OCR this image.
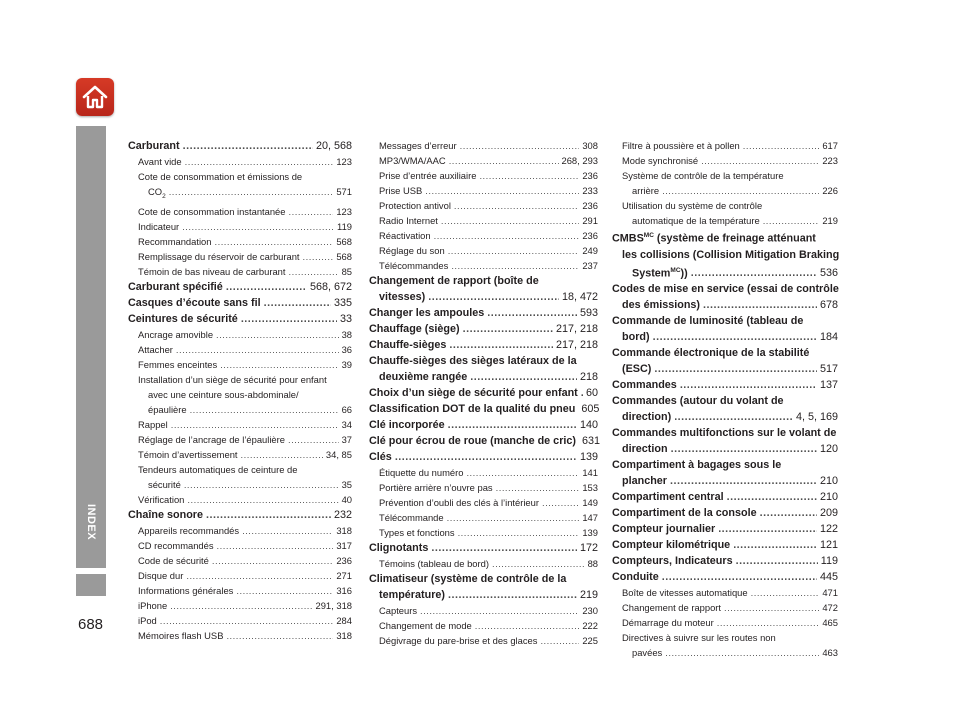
INDEX
688
Carburant .....	20, 568
Avant vide .....	123
Cote de consommation et émissions de
$CO_2$ .....	571
Cote de consommation instantanée .....	123
Indicateur .....	119
Recommandation .....	568
Remplissage du réservoir de carburant .....	568
Témoin de bas niveau de carburant .....	85
Carburant spécifié .....	568, 672
Casques d’écoute sans fil .....	335
Ceintures de sécurité .....	33
Ancrage amovible .....	38
Attacher .....	36
Femmes enceintes .....	39
Installation d’un siège de sécurité pour enfant
avec une ceinture sous-abdominale/
épaulière .....	66
Rappel .....	34
Réglage de l’ancrage de l’épaulière .....	37
Témoin d’avertissement .....	34, 85
Tendeurs automatiques de ceinture de
sécurité .....	35
Vérification .....	40
Chaîne sonore .....	232
Appareils recommandés .....	318
CD recommandés .....	317
Code de sécurité .....	236
Disque dur .....	271
Informations générales .....	316
iPhone .....	291, 318
iPod .....	284
Mémoires flash USB .....	318
Messages d’erreur .....	308
MP3/WMA/AAC .....	268, 293
Prise d’entrée auxiliaire .....	236
Prise USB .....	233
Protection antivol .....	236
Radio Internet .....	291
Réactivation .....	236
Réglage du son .....	249
Télécommandes .....	237
Changement de rapport (boîte de
vitesses) .....	18, 472
Changer les ampoules .....	593
Chauffage (siège) .....	217, 218
Chauffe-sièges .....	217, 218
Chauffe-sièges des sièges latéraux de la
deuxième rangée .....	218
Choix d’un siège de sécurité pour enfant ..... 60
Classification DOT de la qualité du pneu 605
Clé incorporée .....	140
Clé pour écrou de roue (manche de cric) 631
Clés .....	139
Étiquette du numéro .....	141
Portière arrière n’ouvre pas .....	153
Prévention d’oubli des clés à l’intérieur .....	149
Télécommande .....	147
Types et fonctions .....	139
Clignotants .....	172
Témoins (tableau de bord) .....	88
Climatiseur (système de contrôle de la
température) .....	219
Capteurs .....	230
Changement de mode .....	222
Dégivrage du pare-brise et des glaces .....	225
Filtre à poussière et à pollen .....	617
Mode synchronisé .....	223
Système de contrôle de la température
arrière .....	226
Utilisation du système de contrôle
automatique de la température .....	219
$CMBS^{MC}$ (système de freinage atténuant
les collisions (Collision Mitigation Braking
System$^{MC}$)) .....	536
Codes de mise en service (essai de contrôle
des émissions) .....	678
Commande de luminosité (tableau de
bord) .....	184
Commande électronique de la stabilité
(ESC) .....	517
Commandes .....	137
Commandes (autour du volant de
direction) .....	4, 5, 169
Commandes multifonctions sur le volant de
direction .....	120
Compartiment à bagages sous le
plancher .....	210
Compartiment central .....	210
Compartiment de la console .....	209
Compteur journalier .....	122
Compteur kilométrique .....	121
Compteurs, Indicateurs .....	119
Conduite .....	445
Boîte de vitesses automatique .....	471
Changement de rapport .....	472
Démarrage du moteur .....	465
Directives à suivre sur les routes non
pavées .....	463
